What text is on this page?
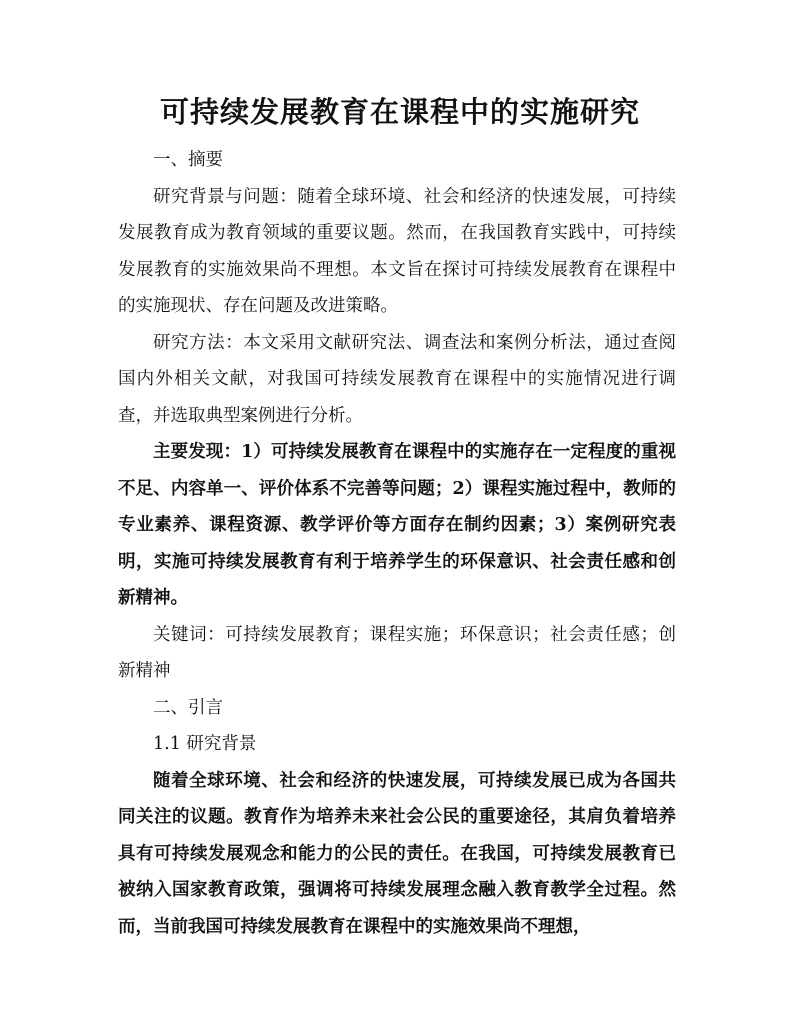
可持续发展教育在课程中的实施研究

一、摘要

研究背景与问题：随着全球环境、社会和经济的快速发展，可持续发展教育成为教育领域的重要议题。然而，在我国教育实践中，可持续发展教育的实施效果尚不理想。本文旨在探讨可持续发展教育在课程中的实施现状、存在问题及改进策略。

研究方法：本文采用文献研究法、调查法和案例分析法，通过查阅国内外相关文献，对我国可持续发展教育在课程中的实施情况进行调查，并选取典型案例进行分析。

主要发现：1）可持续发展教育在课程中的实施存在一定程度的重视不足、内容单一、评价体系不完善等问题；2）课程实施过程中，教师的专业素养、课程资源、教学评价等方面存在制约因素；3）案例研究表明，实施可持续发展教育有利于培养学生的环保意识、社会责任感和创新精神。

关键词：可持续发展教育；课程实施；环保意识；社会责任感；创新精神

二、引言

1.1 研究背景

随着全球环境、社会和经济的快速发展，可持续发展已成为各国共同关注的议题。教育作为培养未来社会公民的重要途径，其肩负着培养具有可持续发展观念和能力的公民的责任。在我国，可持续发展教育已被纳入国家教育政策，强调将可持续发展理念融入教育教学全过程。然而，当前我国可持续发展教育在课程中的实施效果尚不理想，
